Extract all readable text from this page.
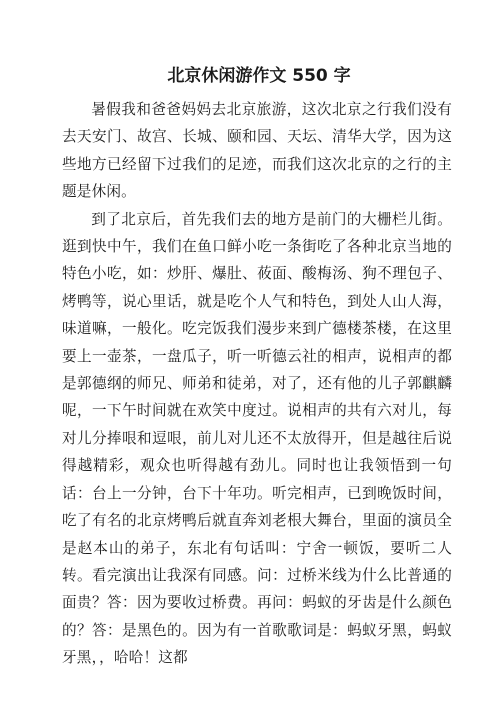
北京休闲游作文 550 字

暑假我和爸爸妈妈去北京旅游，这次北京之行我们没有去天安门、故宫、长城、颐和园、天坛、清华大学，因为这些地方已经留下过我们的足迹，而我们这次北京的之行的主题是休闲。

到了北京后，首先我们去的地方是前门的大栅栏儿街。逛到快中午，我们在鱼口鲜小吃一条街吃了各种北京当地的特色小吃，如：炒肝、爆肚、莜面、酸梅汤、狗不理包子、烤鸭等，说心里话，就是吃个人气和特色，到处人山人海，味道嘛，一般化。吃完饭我们漫步来到广德楼茶楼，在这里要上一壶茶，一盘瓜子，听一听德云社的相声，说相声的都是郭德纲的师兄、师弟和徒弟，对了，还有他的儿子郭麒麟呢，一下午时间就在欢笑中度过。说相声的共有六对儿，每对儿分捧哏和逗哏，前儿对儿还不太放得开，但是越往后说得越精彩，观众也听得越有劲儿。同时也让我领悟到一句话：台上一分钟，台下十年功。听完相声，已到晚饭时间，吃了有名的北京烤鸭后就直奔刘老根大舞台，里面的演员全是赵本山的弟子，东北有句话叫：宁舍一顿饭，要听二人转。看完演出让我深有同感。问：过桥米线为什么比普通的面贵？答：因为要收过桥费。再问：蚂蚁的牙齿是什么颜色的？答：是黑色的。因为有一首歌歌词是：蚂蚁牙黑，蚂蚁牙黑，，哈哈！这都
